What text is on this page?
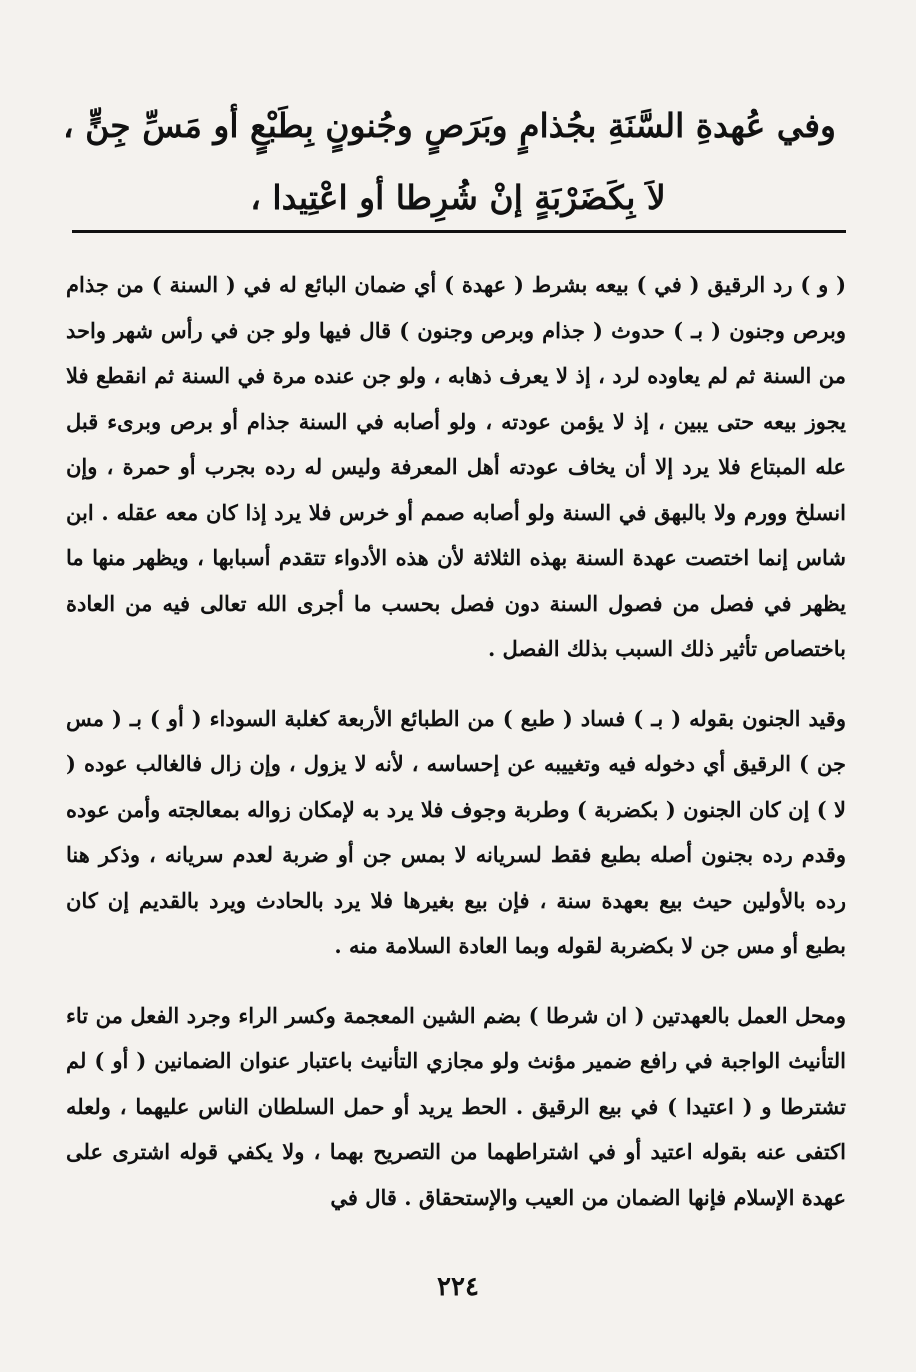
وفي عُهدةِ السَّنَةِ بجُذامٍ وبَرَصٍ وجُنونٍ بِطَبْعٍ أو مَسِّ جِنٍّ ،
لاَ بِكَضَرْبَةٍ إنْ شُرِطا أو اعْتِيدا ،

( و ) رد الرقيق ( في ) بيعه بشرط ( عهدة ) أي ضمان البائع له في ( السنة ) من جذام وبرص وجنون ( بـ ) حدوث ( جذام وبرص وجنون ) قال فيها ولو جن في رأس شهر واحد من السنة ثم لم يعاوده لرد ، إذ لا يعرف ذهابه ، ولو جن عنده مرة في السنة ثم انقطع فلا يجوز بيعه حتى يبين ، إذ لا يؤمن عودته ، ولو أصابه في السنة جذام أو برص وبرىء قبل عله المبتاع فلا يرد إلا أن يخاف عودته أهل المعرفة وليس له رده بجرب أو حمرة ، وإن انسلخ وورم ولا بالبهق في السنة ولو أصابه صمم أو خرس فلا يرد إذا كان معه عقله . ابن شاس إنما اختصت عهدة السنة بهذه الثلاثة لأن هذه الأدواء تتقدم أسبابها ، ويظهر منها ما يظهر في فصل من فصول السنة دون فصل بحسب ما أجرى الله تعالى فيه من العادة باختصاص تأثير ذلك السبب بذلك الفصل .

وقيد الجنون بقوله ( بـ ) فساد ( طبع ) من الطبائع الأربعة كغلبة السوداء ( أو ) بـ ( مس جن ) الرقيق أي دخوله فيه وتغييبه عن إحساسه ، لأنه لا يزول ، وإن زال فالغالب عوده ( لا ) إن كان الجنون ( بكضربة ) وطربة وجوف فلا يرد به لإمكان زواله بمعالجته وأمن عوده وقدم رده بجنون أصله بطبع فقط لسريانه لا بمس جن أو ضربة لعدم سريانه ، وذكر هنا رده بالأولين حيث بيع بعهدة سنة ، فإن بيع بغيرها فلا يرد بالحادث ويرد بالقديم إن كان بطبع أو مس جن لا بكضربة لقوله وبما العادة السلامة منه .

ومحل العمل بالعهدتين ( ان شرطا ) بضم الشين المعجمة وكسر الراء وجرد الفعل من تاء التأنيث الواجبة في رافع ضمير مؤنث ولو مجازي التأنيث باعتبار عنوان الضمانين ( أو ) لم تشترطا و ( اعتيدا ) في بيع الرقيق . الحط يريد أو حمل السلطان الناس عليهما ، ولعله اكتفى عنه بقوله اعتيد أو في اشتراطهما من التصريح بهما ، ولا يكفي قوله اشترى على عهدة الإسلام فإنها الضمان من العيب والإستحقاق . قال في

٢٢٤
